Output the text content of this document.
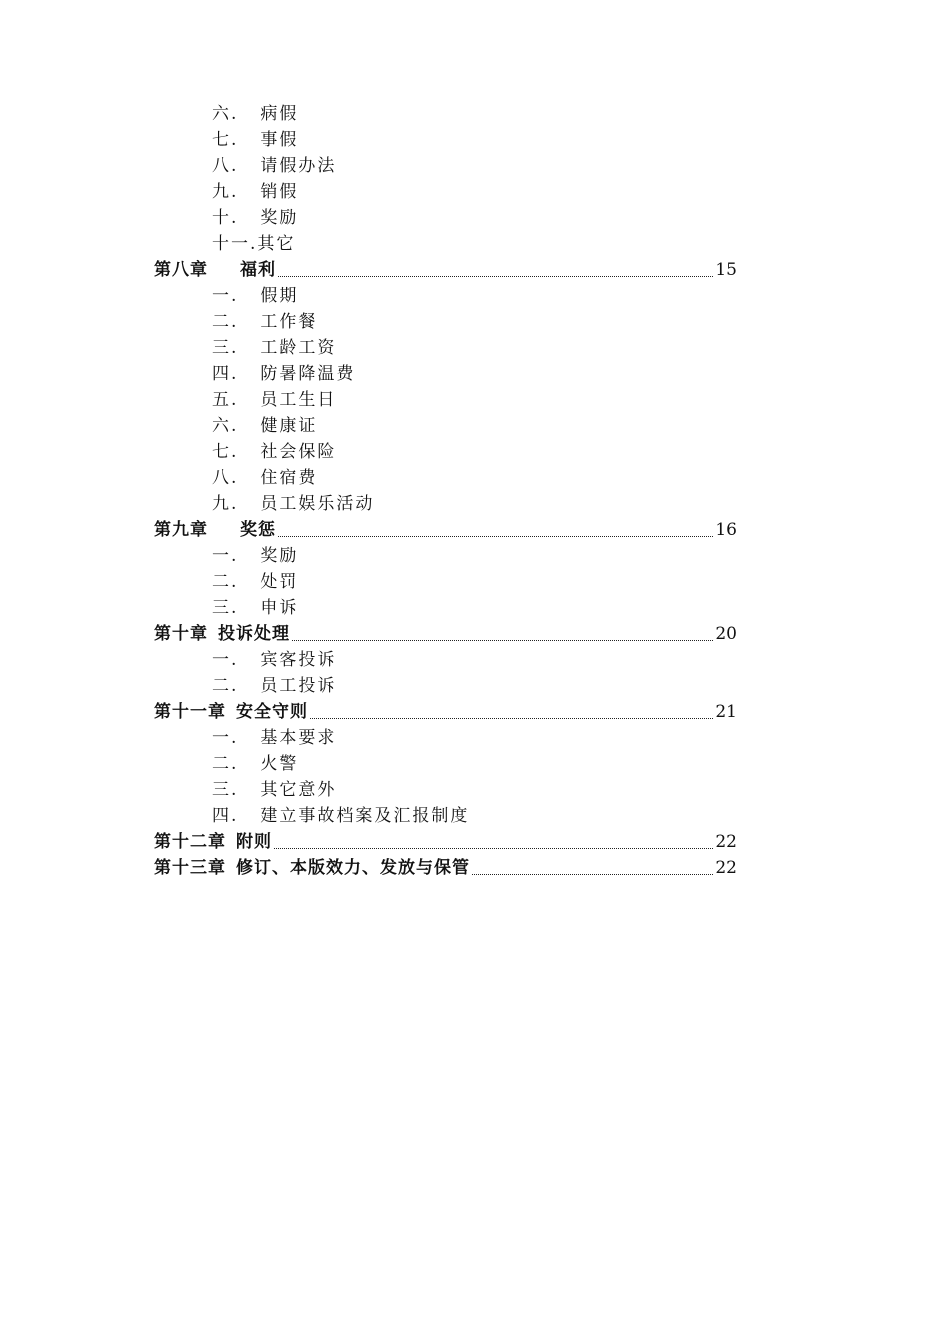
六. 病假
七. 事假
八. 请假办法
九. 销假
十. 奖励
十一.其它
第八章 福利	15
一. 假期
二. 工作餐
三. 工龄工资
四. 防暑降温费
五. 员工生日
六. 健康证
七. 社会保险
八. 住宿费
九. 员工娱乐活动
第九章 奖惩	16
一. 奖励
二. 处罚
三. 申诉
第十章 投诉处理	20
一. 宾客投诉
二. 员工投诉
第十一章 安全守则	21
一. 基本要求
二. 火警
三. 其它意外
四. 建立事故档案及汇报制度
第十二章 附则	22
第十三章 修订、本版效力、发放与保管	22
